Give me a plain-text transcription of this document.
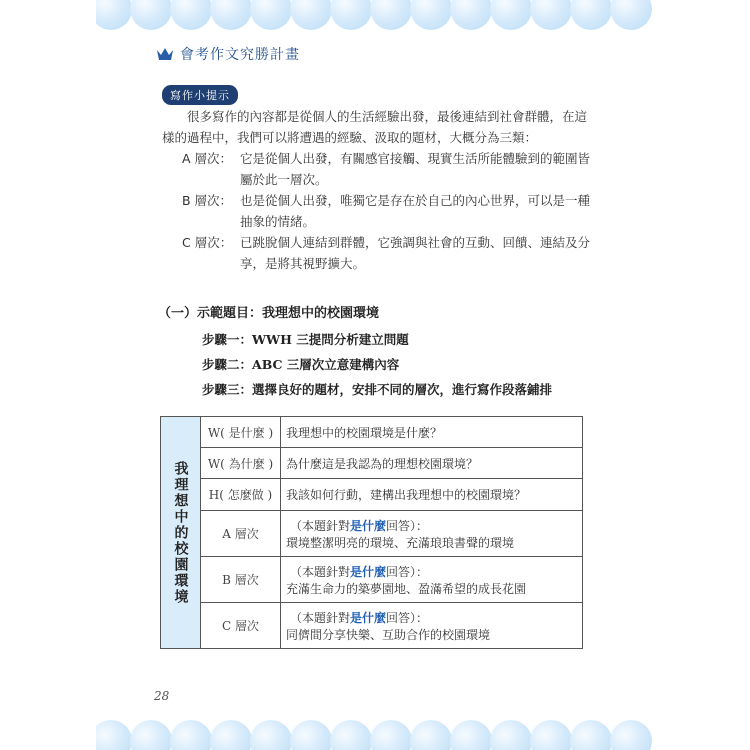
會考作文究勝計畫
寫作小提示

很多寫作的內容都是從個人的生活經驗出發，最後連結到社會群體，在這樣的過程中，我們可以將遭遇的經驗、汲取的題材，大概分為三類：

A 層次： 它是從個人出發，有關感官接觸、現實生活所能體驗到的範圍皆屬於此一層次。
B 層次： 也是從個人出發，唯獨它是存在於自己的內心世界，可以是一種抽象的情緒。
C 層次： 已跳脫個人連結到群體，它強調與社會的互動、回饋、連結及分享，是將其視野擴大。
（一）示範題目：我理想中的校園環境
步驟一：WWH 三提問分析建立問題
步驟二：ABC 三層次立意建構內容
步驟三：選擇良好的題材，安排不同的層次，進行寫作段落鋪排
我理想中的校園環境	W( 是什麼 )	我理想中的校園環境是什麼？
	W( 為什麼 )	為什麼這是我認為的理想校園環境？
	H( 怎麼做 )	我該如何行動，建構出我理想中的校園環境？
	A 層次	（本題針對是什麼回答）：
環境整潔明亮的環境、充滿琅琅書聲的環境
	B 層次	（本題針對是什麼回答）：
充滿生命力的築夢園地、盈滿希望的成長花園
	C 層次	（本題針對是什麼回答）：
同儕間分享快樂、互助合作的校園環境
28
